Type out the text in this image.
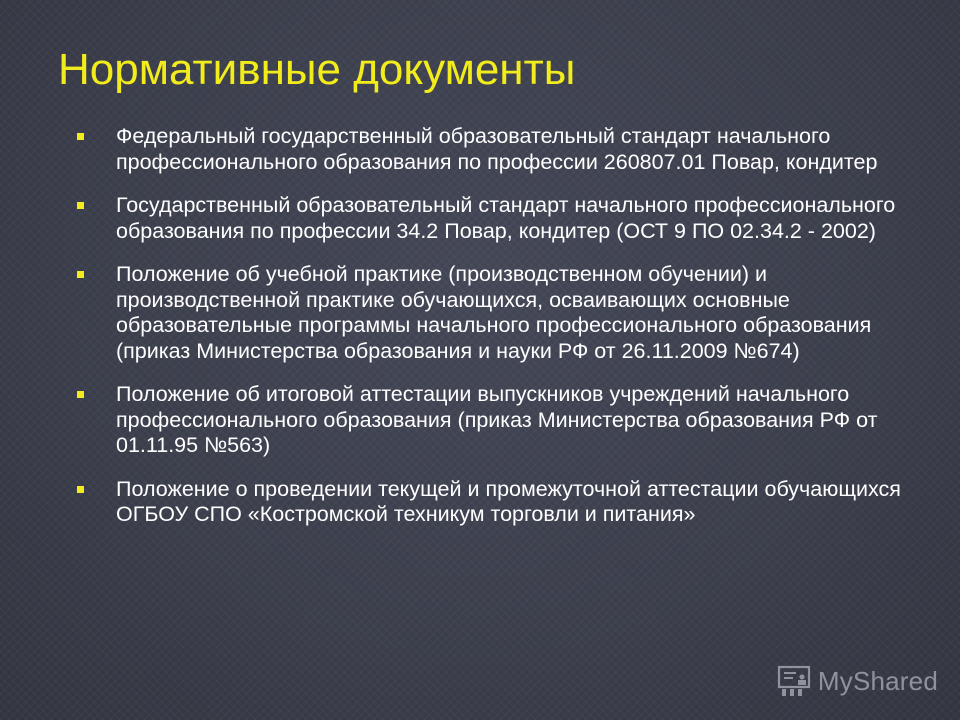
Нормативные документы
Федеральный государственный образовательный стандарт начального профессионального образования по профессии 260807.01 Повар, кондитер
Государственный образовательный стандарт начального профессионального образования по профессии 34.2 Повар, кондитер (ОСТ 9 ПО 02.34.2 - 2002)
Положение об учебной практике (производственном обучении) и производственной практике обучающихся, осваивающих основные образовательные программы начального профессионального образования (приказ Министерства образования и науки РФ от 26.11.2009 №674)
Положение об итоговой аттестации выпускников учреждений начального профессионального образования (приказ Министерства образования РФ от 01.11.95 №563)
Положение о проведении текущей и промежуточной аттестации обучающихся ОГБОУ СПО «Костромской техникум торговли и питания»
MyShared
